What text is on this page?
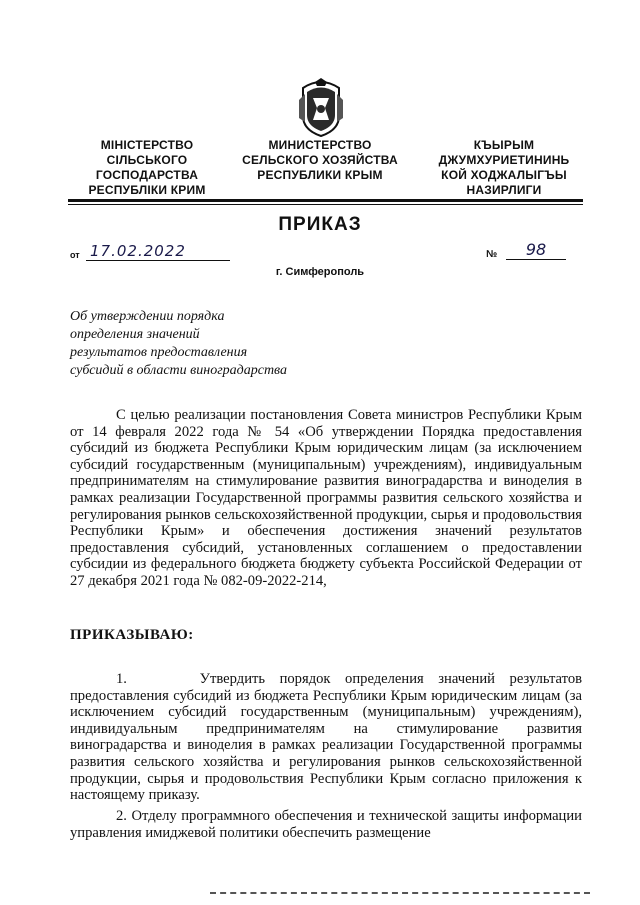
МІНІСТЕРСТВО
СІЛЬСЬКОГО
ГОСПОДАРСТВА
РЕСПУБЛІКИ КРИМ
МИНИСТЕРСТВО
СЕЛЬСКОГО ХОЗЯЙСТВА
РЕСПУБЛИКИ КРЫМ
КЪЫРЫМ
ДЖУМХУРИЕТИНИНЬ
КОЙ ХОДЖАЛЫГЪЫ
НАЗИРЛИГИ
ПРИКАЗ
от 17.02.2022	№	98
г. Симферополь
Об утверждении порядка
определения значений
результатов предоставления
субсидий в области виноградарства
С целью реализации постановления Совета министров Республики Крым от 14 февраля 2022 года № 54 «Об утверждении Порядка предоставления субсидий из бюджета Республики Крым юридическим лицам (за исключением субсидий государственным (муниципальным) учреждениям), индивидуальным предпринимателям на стимулирование развития виноградарства и виноделия в рамках реализации Государственной программы развития сельского хозяйства и регулирования рынков сельскохозяйственной продукции, сырья и продовольствия Республики Крым» и обеспечения достижения значений результатов предоставления субсидий, установленных соглашением о предоставлении субсидии из федерального бюджета бюджету субъекта Российской Федерации от 27 декабря 2021 года № 082-09-2022-214,
ПРИКАЗЫВАЮ:
1.	Утвердить порядок определения значений результатов предоставления субсидий из бюджета Республики Крым юридическим лицам (за исключением субсидий государственным (муниципальным) учреждениям), индивидуальным предпринимателям на стимулирование развития виноградарства и виноделия в рамках реализации Государственной программы развития сельского хозяйства и регулирования рынков сельскохозяйственной продукции, сырья и продовольствия Республики Крым согласно приложения к настоящему приказу.
2. Отделу программного обеспечения и технической защиты информации управления имиджевой политики обеспечить размещение
